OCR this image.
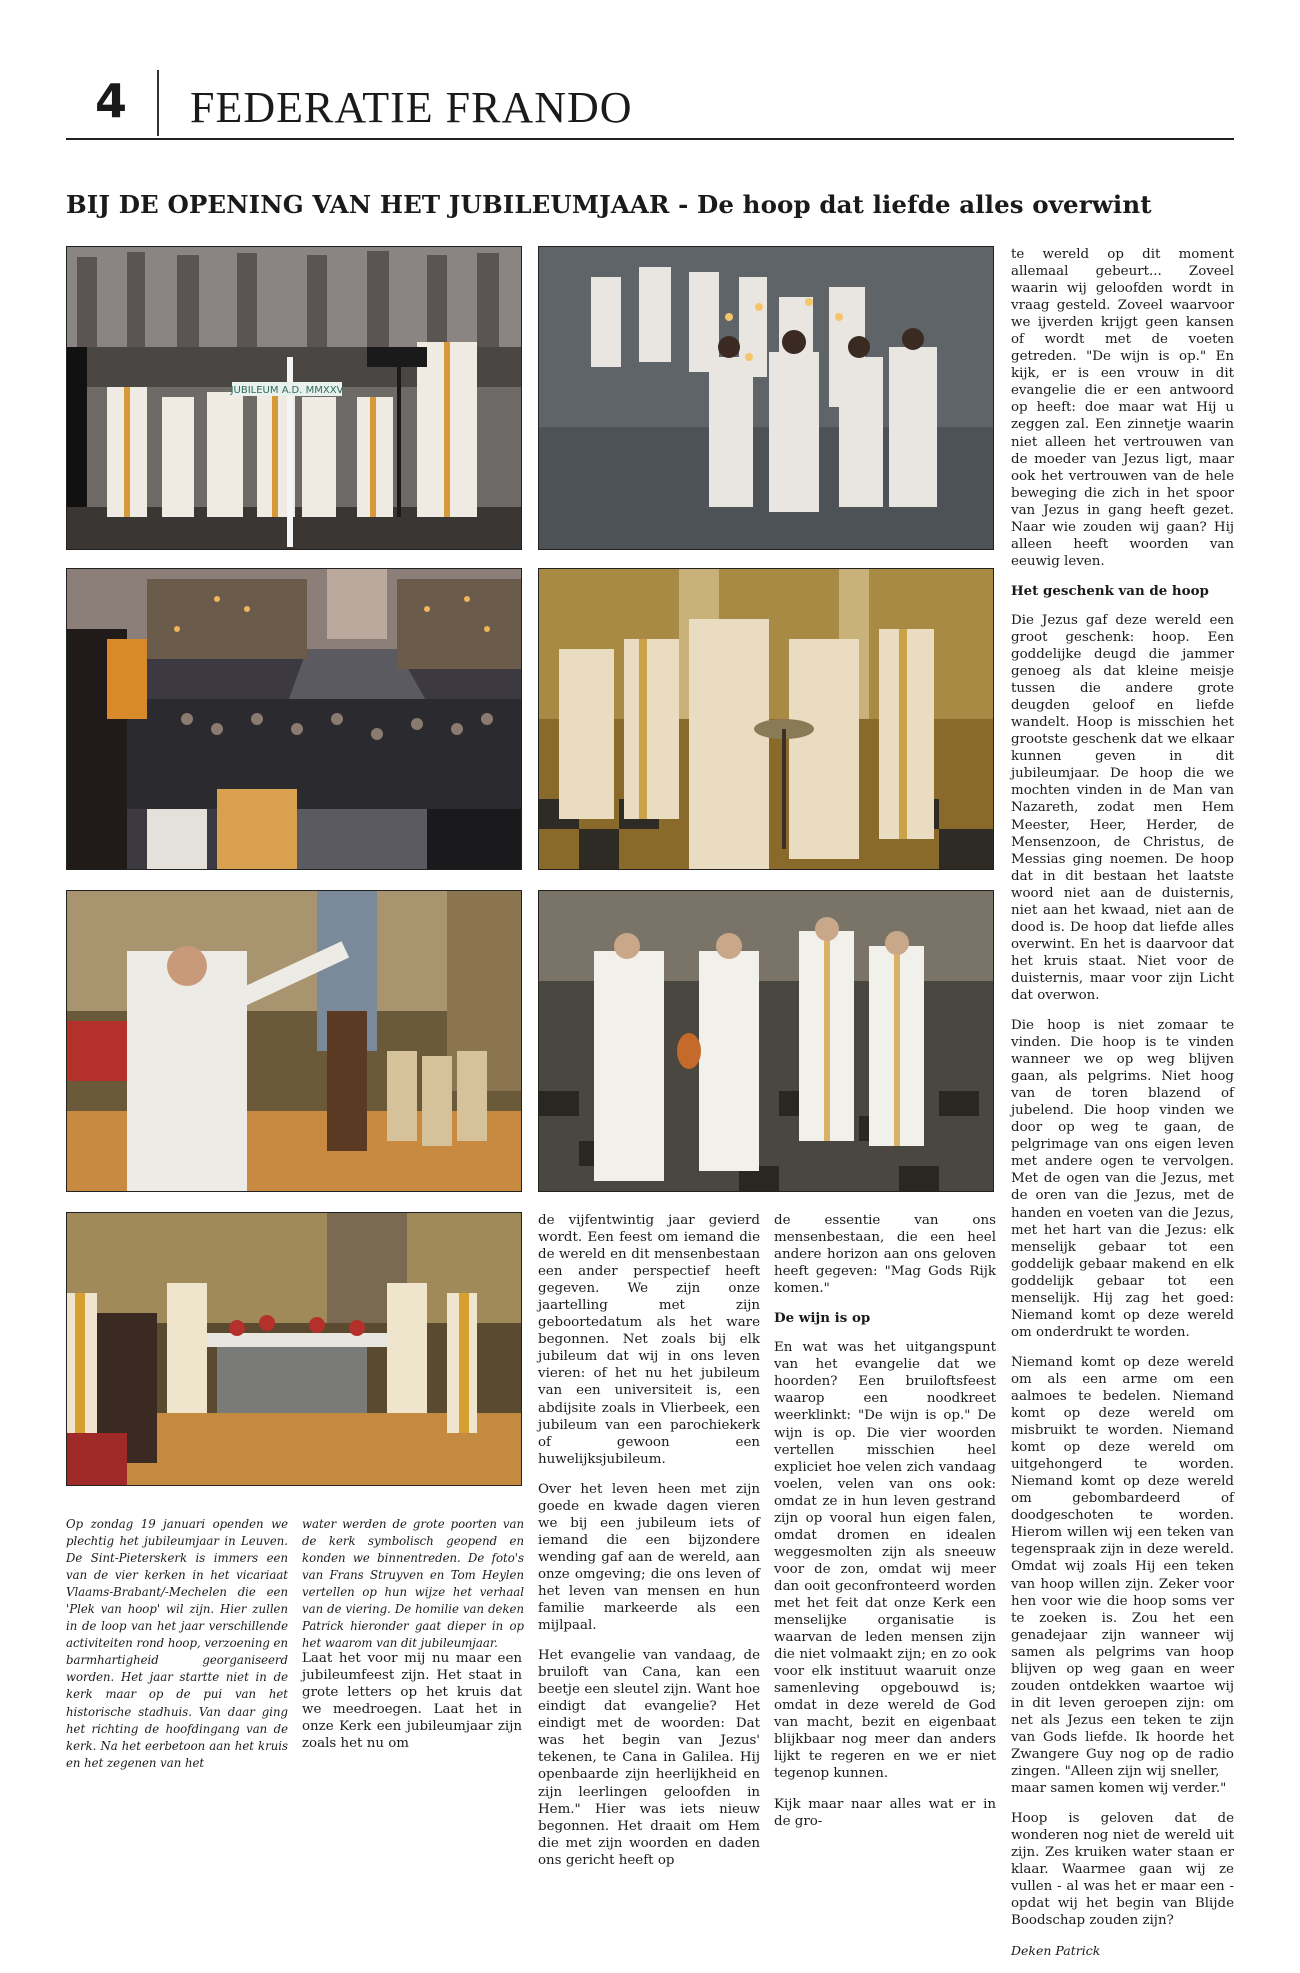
4 FEDERATIE FRANDO
BIJ DE OPENING VAN HET JUBILEUMJAAR - De hoop dat liefde alles overwint
JUBILEUM A.D. MMXXV
Op zondag 19 januari openden we plechtig het jubileumjaar in Leuven. De Sint-Pieterskerk is immers een van de vier kerken in het vicariaat Vlaams-Brabant/-Mechelen die een 'Plek van hoop' wil zijn. Hier zullen in de loop van het jaar verschillende activiteiten rond hoop, verzoening en barmhartigheid georganiseerd worden. Het jaar startte niet in de kerk maar op de pui van het historische stadhuis. Van daar ging het richting de hoofdingang van de kerk. Na het eerbetoon aan het kruis en het zegenen van het
water werden de grote poorten van de kerk symbolisch geopend en konden we binnentreden. De foto's van Frans Struyven en Tom Heylen vertellen op hun wijze het verhaal van de viering. De homilie van deken Patrick hieronder gaat dieper in op het waarom van dit jubileumjaar.

Laat het voor mij nu maar een jubileumfeest zijn. Het staat in grote letters op het kruis dat we meedroegen. Laat het in onze Kerk een jubileumjaar zijn zoals het nu om

de vijfentwintig jaar gevierd wordt. Een feest om iemand die de wereld en dit mensenbestaan een ander perspectief heeft gegeven. We zijn onze jaartelling met zijn geboortedatum als het ware begonnen. Net zoals bij elk jubileum dat wij in ons leven vieren: of het nu het jubileum van een universiteit is, een abdijsite zoals in Vlierbeek, een jubileum van een parochiekerk of gewoon een huwelijksjubileum.

Over het leven heen met zijn goede en kwade dagen vieren we bij een jubileum iets of iemand die een bijzondere wending gaf aan de wereld, aan onze omgeving; die ons leven of het leven van mensen en hun familie markeerde als een mijlpaal.

Het evangelie van vandaag, de bruiloft van Cana, kan een beetje een sleutel zijn. Want hoe eindigt dat evangelie? Het eindigt met de woorden: Dat was het begin van Jezus' tekenen, te Cana in Galilea. Hij openbaarde zijn heerlijkheid en zijn leerlingen geloofden in Hem." Hier was iets nieuw begonnen. Het draait om Hem die met zijn woorden en daden ons gericht heeft op

de essentie van ons mensenbestaan, die een heel andere horizon aan ons geloven heeft gegeven: "Mag Gods Rijk komen."

De wijn is op

En wat was het uitgangspunt van het evangelie dat we hoorden? Een bruiloftsfeest waarop een noodkreet weerklinkt: "De wijn is op." De wijn is op. Die vier woorden vertellen misschien heel expliciet hoe velen zich vandaag voelen, velen van ons ook: omdat ze in hun leven gestrand zijn op vooral hun eigen falen, omdat dromen en idealen weggesmolten zijn als sneeuw voor de zon, omdat wij meer dan ooit geconfronteerd worden met het feit dat onze Kerk een menselijke organisatie is waarvan de leden mensen zijn die niet volmaakt zijn; en zo ook voor elk instituut waaruit onze samenleving opgebouwd is; omdat in deze wereld de God van macht, bezit en eigenbaat blijkbaar nog meer dan anders lijkt te regeren en we er niet tegenop kunnen.

Kijk maar naar alles wat er in de gro-

te wereld op dit moment allemaal gebeurt... Zoveel waarin wij geloofden wordt in vraag gesteld. Zoveel waarvoor we ijverden krijgt geen kansen of wordt met de voeten getreden. "De wijn is op." En kijk, er is een vrouw in dit evangelie die er een antwoord op heeft: doe maar wat Hij u zeggen zal. Een zinnetje waarin niet alleen het vertrouwen van de moeder van Jezus ligt, maar ook het vertrouwen van de hele beweging die zich in het spoor van Jezus in gang heeft gezet. Naar wie zouden wij gaan? Hij alleen heeft woorden van eeuwig leven.

Het geschenk van de hoop

Die Jezus gaf deze wereld een groot geschenk: hoop. Een goddelijke deugd die jammer genoeg als dat kleine meisje tussen die andere grote deugden geloof en liefde wandelt. Hoop is misschien het grootste geschenk dat we elkaar kunnen geven in dit jubileumjaar. De hoop die we mochten vinden in de Man van Nazareth, zodat men Hem Meester, Heer, Herder, de Mensenzoon, de Christus, de Messias ging noemen. De hoop dat in dit bestaan het laatste woord niet aan de duisternis, niet aan het kwaad, niet aan de dood is. De hoop dat liefde alles overwint. En het is daarvoor dat het kruis staat. Niet voor de duisternis, maar voor zijn Licht dat overwon.

Die hoop is niet zomaar te vinden. Die hoop is te vinden wanneer we op weg blijven gaan, als pelgrims. Niet hoog van de toren blazend of jubelend. Die hoop vinden we door op weg te gaan, de pelgrimage van ons eigen leven met andere ogen te vervolgen. Met de ogen van die Jezus, met de oren van die Jezus, met de handen en voeten van die Jezus, met het hart van die Jezus: elk menselijk gebaar tot een goddelijk gebaar makend en elk goddelijk gebaar tot een menselijk. Hij zag het goed: Niemand komt op deze wereld om onderdrukt te worden.

Niemand komt op deze wereld om als een arme om een aalmoes te bedelen. Niemand komt op deze wereld om misbruikt te worden. Niemand komt op deze wereld om uitgehongerd te worden. Niemand komt op deze wereld om gebombardeerd of doodgeschoten te worden. Hierom willen wij een teken van tegenspraak zijn in deze wereld. Omdat wij zoals Hij een teken van hoop willen zijn. Zeker voor hen voor wie die hoop soms ver te zoeken is. Zou het een genadejaar zijn wanneer wij samen als pelgrims van hoop blijven op weg gaan en weer zouden ontdekken waartoe wij in dit leven geroepen zijn: om net als Jezus een teken te zijn van Gods liefde. Ik hoorde het Zwangere Guy nog op de radio zingen. "Alleen zijn wij sneller,

maar samen komen wij verder."

Hoop is geloven dat de wonderen nog niet de wereld uit zijn. Zes kruiken water staan er klaar. Waarmee gaan wij ze vullen - al was het er maar een - opdat wij het begin van Blijde Boodschap zouden zijn?

Deken Patrick
